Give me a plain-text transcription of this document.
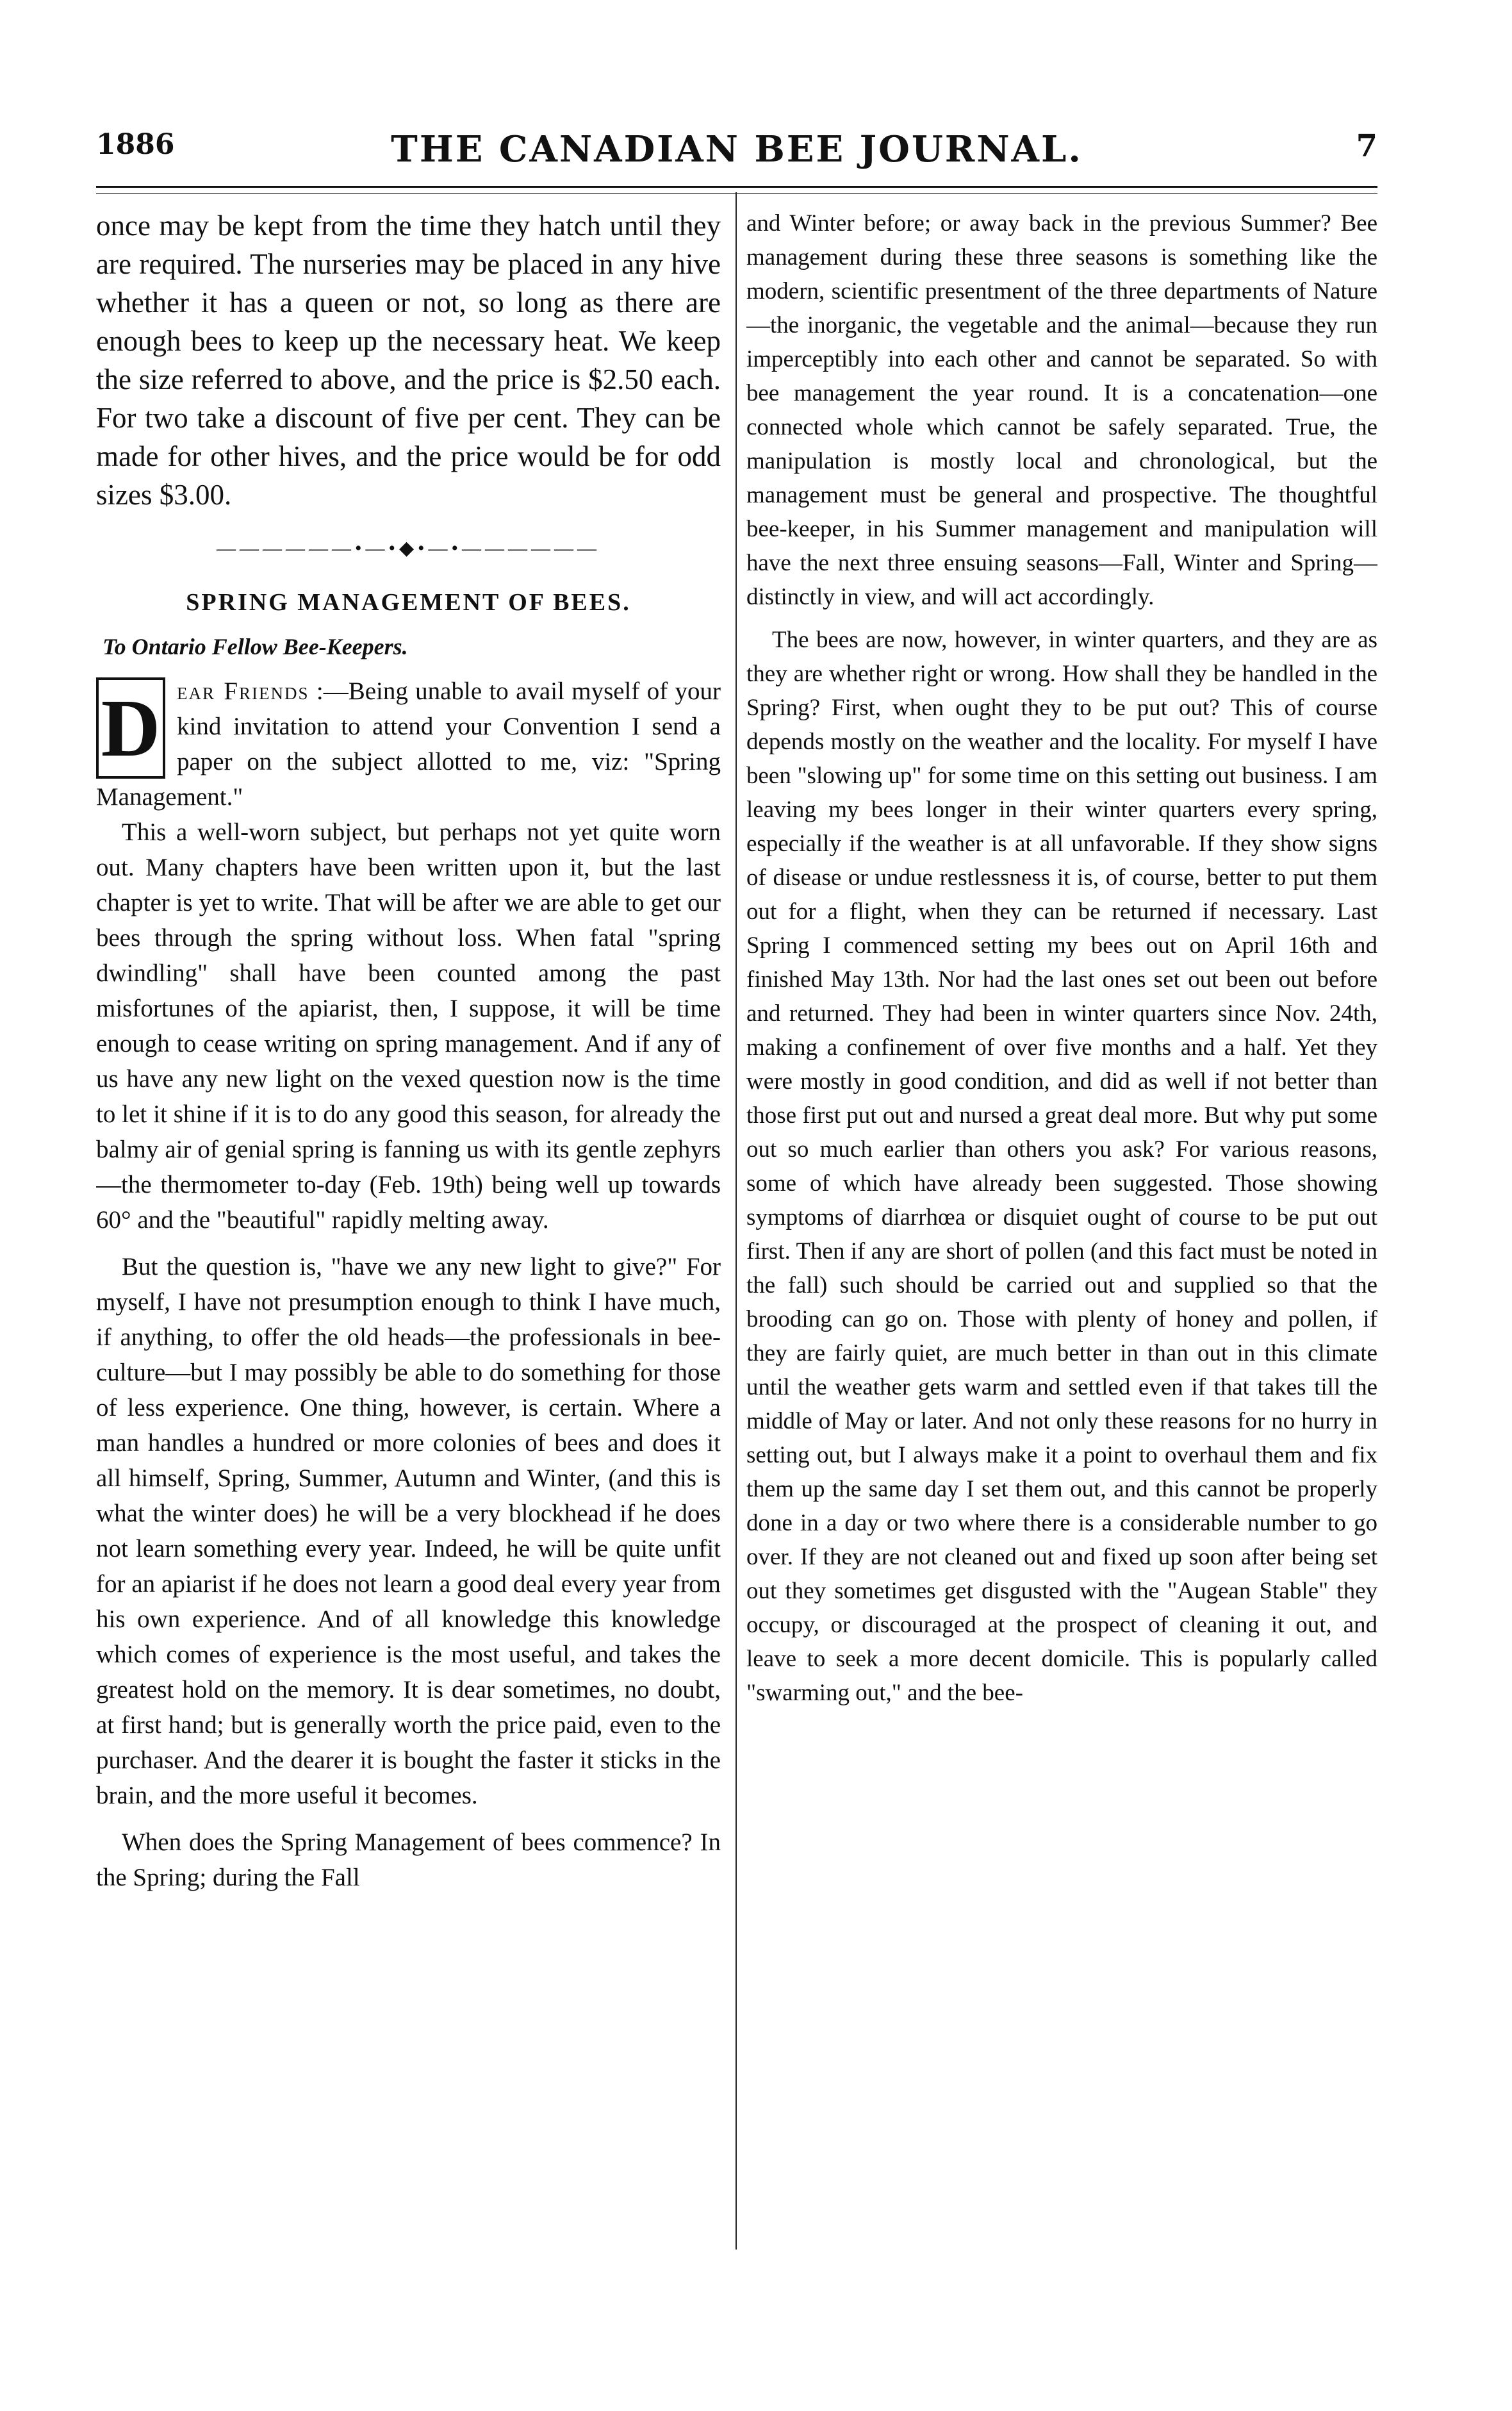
1886	THE CANADIAN BEE JOURNAL.	7

once may be kept from the time they hatch until they are required. The nurseries may be placed in any hive whether it has a queen or not, so long as there are enough bees to keep up the necessary heat. We keep the size referred to above, and the price is $2.50 each. For two take a discount of five per cent. They can be made for other hives, and the price would be for odd sizes $3.00.

——————•—•◆•—•——————
SPRING MANAGEMENT OF BEES.
To Ontario Fellow Bee-Keepers.

D ear Friends :—Being unable to avail myself of your kind invitation to attend your Convention I send a paper on the subject allotted to me, viz: "Spring Management."

This a well-worn subject, but perhaps not yet quite worn out. Many chapters have been written upon it, but the last chapter is yet to write. That will be after we are able to get our bees through the spring without loss. When fatal "spring dwindling" shall have been counted among the past misfortunes of the apiarist, then, I suppose, it will be time enough to cease writing on spring management. And if any of us have any new light on the vexed question now is the time to let it shine if it is to do any good this season, for already the balmy air of genial spring is fanning us with its gentle zephyrs—the thermometer to-day (Feb. 19th) being well up towards 60° and the "beautiful" rapidly melting away.

But the question is, "have we any new light to give?" For myself, I have not presumption enough to think I have much, if anything, to offer the old heads—the professionals in bee-culture—but I may possibly be able to do something for those of less experience. One thing, however, is certain. Where a man handles a hundred or more colonies of bees and does it all himself, Spring, Summer, Autumn and Winter, (and this is what the winter does) he will be a very blockhead if he does not learn something every year. Indeed, he will be quite unfit for an apiarist if he does not learn a good deal every year from his own experience. And of all knowledge this knowledge which comes of experience is the most useful, and takes the greatest hold on the memory. It is dear sometimes, no doubt, at first hand; but is generally worth the price paid, even to the purchaser. And the dearer it is bought the faster it sticks in the brain, and the more useful it becomes.

When does the Spring Management of bees commence? In the Spring; during the Fall

and Winter before; or away back in the previous Summer? Bee management during these three seasons is something like the modern, scientific presentment of the three departments of Nature—the inorganic, the vegetable and the animal—because they run imperceptibly into each other and cannot be separated. So with bee management the year round. It is a concatenation—one connected whole which cannot be safely separated. True, the manipulation is mostly local and chronological, but the management must be general and prospective. The thoughtful bee-keeper, in his Summer management and manipulation will have the next three ensuing seasons—Fall, Winter and Spring—distinctly in view, and will act accordingly.

The bees are now, however, in winter quarters, and they are as they are whether right or wrong. How shall they be handled in the Spring? First, when ought they to be put out? This of course depends mostly on the weather and the locality. For myself I have been "slowing up" for some time on this setting out business. I am leaving my bees longer in their winter quarters every spring, especially if the weather is at all unfavorable. If they show signs of disease or undue restlessness it is, of course, better to put them out for a flight, when they can be returned if necessary. Last Spring I commenced setting my bees out on April 16th and finished May 13th. Nor had the last ones set out been out before and returned. They had been in winter quarters since Nov. 24th, making a confinement of over five months and a half. Yet they were mostly in good condition, and did as well if not better than those first put out and nursed a great deal more. But why put some out so much earlier than others you ask? For various reasons, some of which have already been suggested. Those showing symptoms of diarrhœa or disquiet ought of course to be put out first. Then if any are short of pollen (and this fact must be noted in the fall) such should be carried out and supplied so that the brooding can go on. Those with plenty of honey and pollen, if they are fairly quiet, are much better in than out in this climate until the weather gets warm and settled even if that takes till the middle of May or later. And not only these reasons for no hurry in setting out, but I always make it a point to overhaul them and fix them up the same day I set them out, and this cannot be properly done in a day or two where there is a considerable number to go over. If they are not cleaned out and fixed up soon after being set out they sometimes get disgusted with the "Augean Stable" they occupy, or discouraged at the prospect of cleaning it out, and leave to seek a more decent domicile. This is popularly called "swarming out," and the bee-
